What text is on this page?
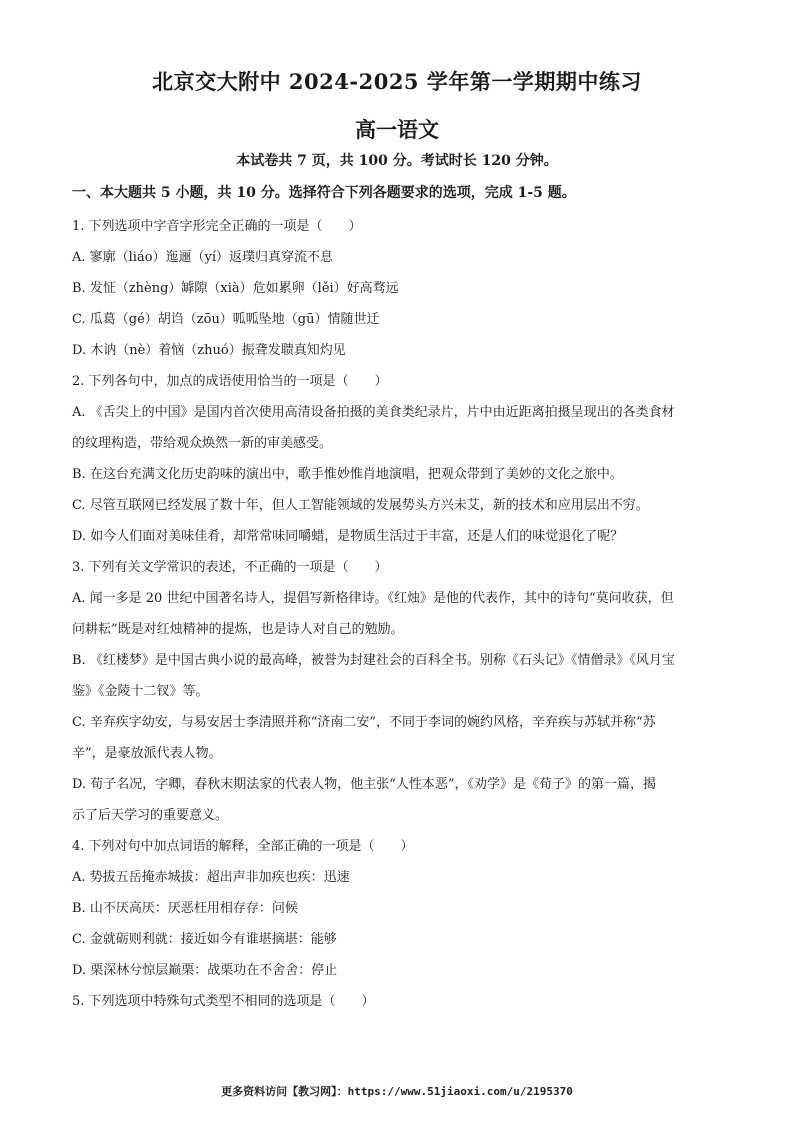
北京交大附中 2024-2025 学年第一学期期中练习
高一语文
本试卷共 7 页，共 100 分。考试时长 120 分钟。
一、本大题共 5 小题，共 10 分。选择符合下列各题要求的选项，完成 1-5 题。

1. 下列选项中字音字形完全正确的一项是（　　）

A. 寥廓（liáo）迤逦（yí）返璞归真穿流不息

B. 发怔（zhèng）罅隙（xià）危如累卵（lěi）好高骛远

C. 瓜葛（gé）胡诌（zōu）呱呱坠地（gū）情随世迁

D. 木讷（nè）着恼（zhuó）振聋发聩真知灼见

2. 下列各句中，加点的成语使用恰当的一项是（　　）

A. 《舌尖上的中国》是国内首次使用高清设备拍摄的美食类纪录片，片中由近距离拍摄呈现出的各类食材

的纹理构造，带给观众焕然一新的审美感受。

B. 在这台充满文化历史韵味的演出中，歌手惟妙惟肖地演唱，把观众带到了美妙的文化之旅中。

C. 尽管互联网已经发展了数十年，但人工智能领域的发展势头方兴未艾，新的技术和应用层出不穷。

D. 如今人们面对美味佳肴，却常常味同嚼蜡，是物质生活过于丰富，还是人们的味觉退化了呢？

3. 下列有关文学常识的表述，不正确的一项是（　　）

A. 闻一多是 20 世纪中国著名诗人，提倡写新格律诗。《红烛》是他的代表作，其中的诗句“莫问收获，但

问耕耘”既是对红烛精神的提炼，也是诗人对自己的勉励。

B. 《红楼梦》是中国古典小说的最高峰，被誉为封建社会的百科全书。别称《石头记》《情僧录》《风月宝

鉴》《金陵十二钗》等。

C. 辛弃疾字幼安，与易安居士李清照并称“济南二安”，不同于李词的婉约风格，辛弃疾与苏轼并称“苏

辛”，是豪放派代表人物。

D. 荀子名况，字卿，春秋末期法家的代表人物，他主张“人性本恶”，《劝学》是《荀子》的第一篇，揭

示了后天学习的重要意义。

4. 下列对句中加点词语的解释，全部正确的一项是（　　）

A. 势拔五岳掩赤城拔：超出声非加疾也疾：迅速

B. 山不厌高厌：厌恶枉用相存存：问候

C. 金就砺则利就：接近如今有谁堪摘堪：能够

D. 栗深林兮惊层巅栗：战栗功在不舍舍：停止

5. 下列选项中特殊句式类型不相同的选项是（　　）

更多资料访问【教习网】：https://www.51jiaoxi.com/u/2195370
